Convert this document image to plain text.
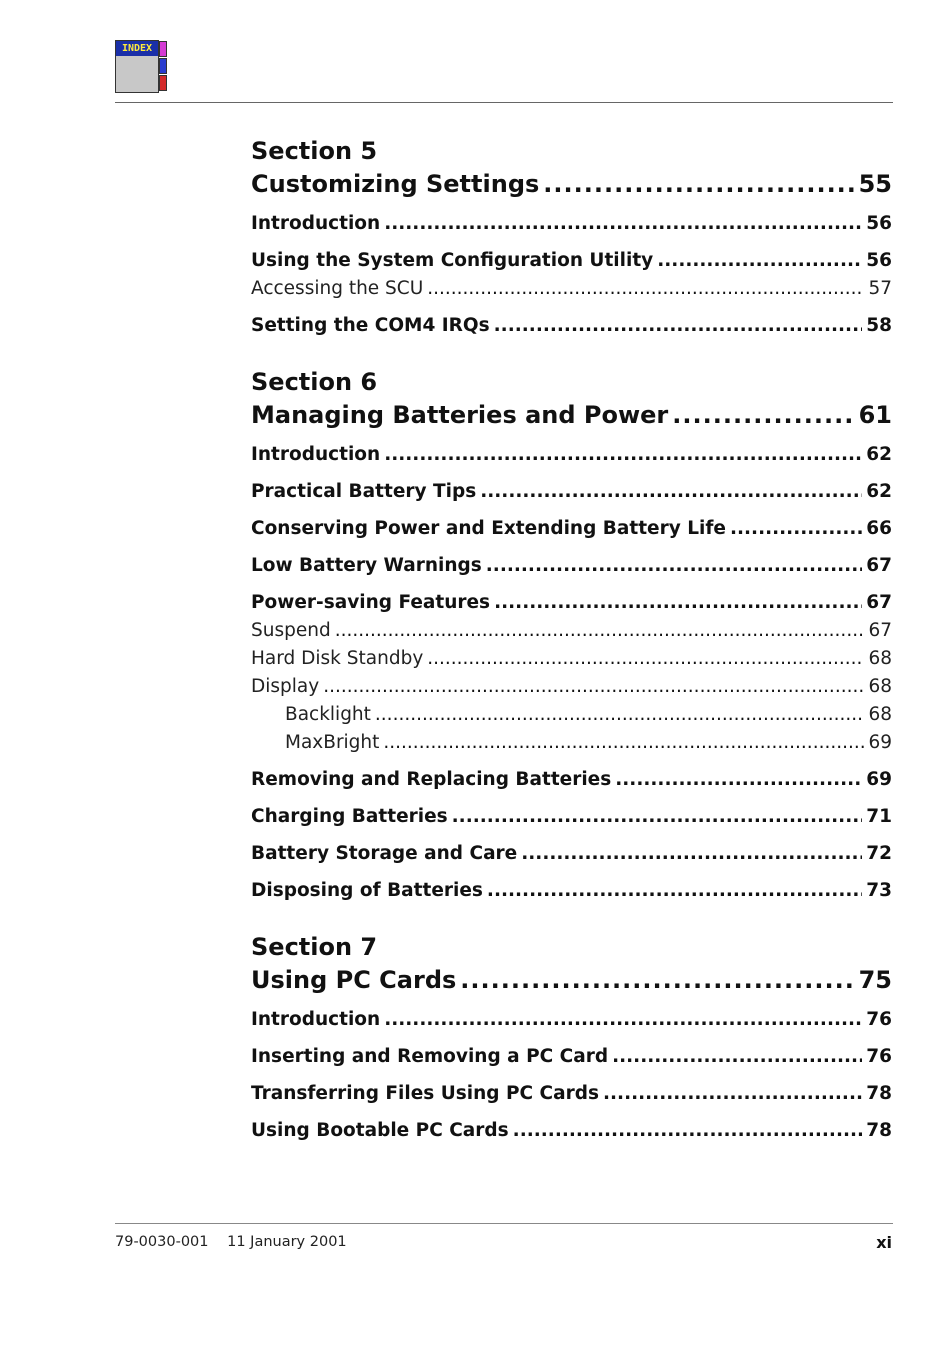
INDEX
Section 5
Customizing Settings .....	55
Introduction .....	56
Using the System Configuration Utility .....	56
Accessing the SCU .....	57
Setting the COM4 IRQs .....	58
Section 6
Managing Batteries and Power .....	61
Introduction .....	62
Practical Battery Tips .....	62
Conserving Power and Extending Battery Life .....	66
Low Battery Warnings .....	67
Power-saving Features .....	67
Suspend .....	67
Hard Disk Standby .....	68
Display .....	68
Backlight .....	68
MaxBright .....	69
Removing and Replacing Batteries .....	69
Charging Batteries .....	71
Battery Storage and Care .....	72
Disposing of Batteries .....	73
Section 7
Using PC Cards .....	75
Introduction .....	76
Inserting and Removing a PC Card .....	76
Transferring Files Using PC Cards .....	78
Using Bootable PC Cards .....	78
79-0030-001 11 January 2001	xi
